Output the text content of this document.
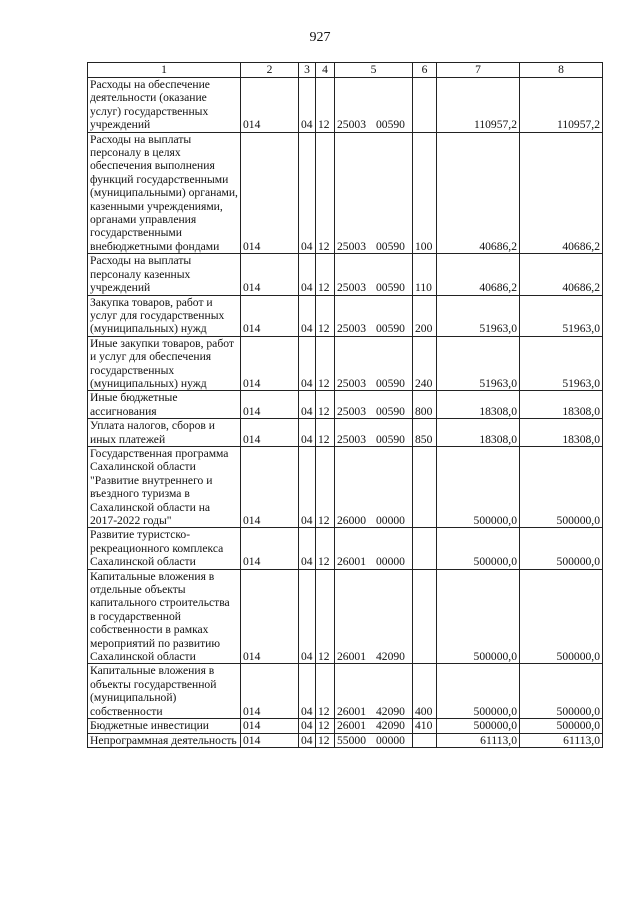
927
1	2	3	4	5	6	7	8
Расходы на обеспечение деятельности (оказание услуг) государственных учреждений	014	04	12	25003 00590		110957,2	110957,2
Расходы на выплаты персоналу в целях обеспечения выполнения функций государственными (муниципальными) органами, казенными учреждениями, органами управления государственными внебюджетными фондами	014	04	12	25003 00590	100	40686,2	40686,2
Расходы на выплаты персоналу казенных учреждений	014	04	12	25003 00590	110	40686,2	40686,2
Закупка товаров, работ и услуг для государственных (муниципальных) нужд	014	04	12	25003 00590	200	51963,0	51963,0
Иные закупки товаров, работ и услуг для обеспечения государственных (муниципальных) нужд	014	04	12	25003 00590	240	51963,0	51963,0
Иные бюджетные ассигнования	014	04	12	25003 00590	800	18308,0	18308,0
Уплата налогов, сборов и иных платежей	014	04	12	25003 00590	850	18308,0	18308,0
Государственная программа Сахалинской области "Развитие внутреннего и въездного туризма в Сахалинской области на 2017-2022 годы"	014	04	12	26000 00000		500000,0	500000,0
Развитие туристско-рекреационного комплекса Сахалинской области	014	04	12	26001 00000		500000,0	500000,0
Капитальные вложения в отдельные объекты капитального строительства в государственной собственности в рамках мероприятий по развитию Сахалинской области	014	04	12	26001 42090		500000,0	500000,0
Капитальные вложения в объекты государственной (муниципальной) собственности	014	04	12	26001 42090	400	500000,0	500000,0
Бюджетные инвестиции	014	04	12	26001 42090	410	500000,0	500000,0
Непрограммная деятельность	014	04	12	55000 00000		61113,0	61113,0
